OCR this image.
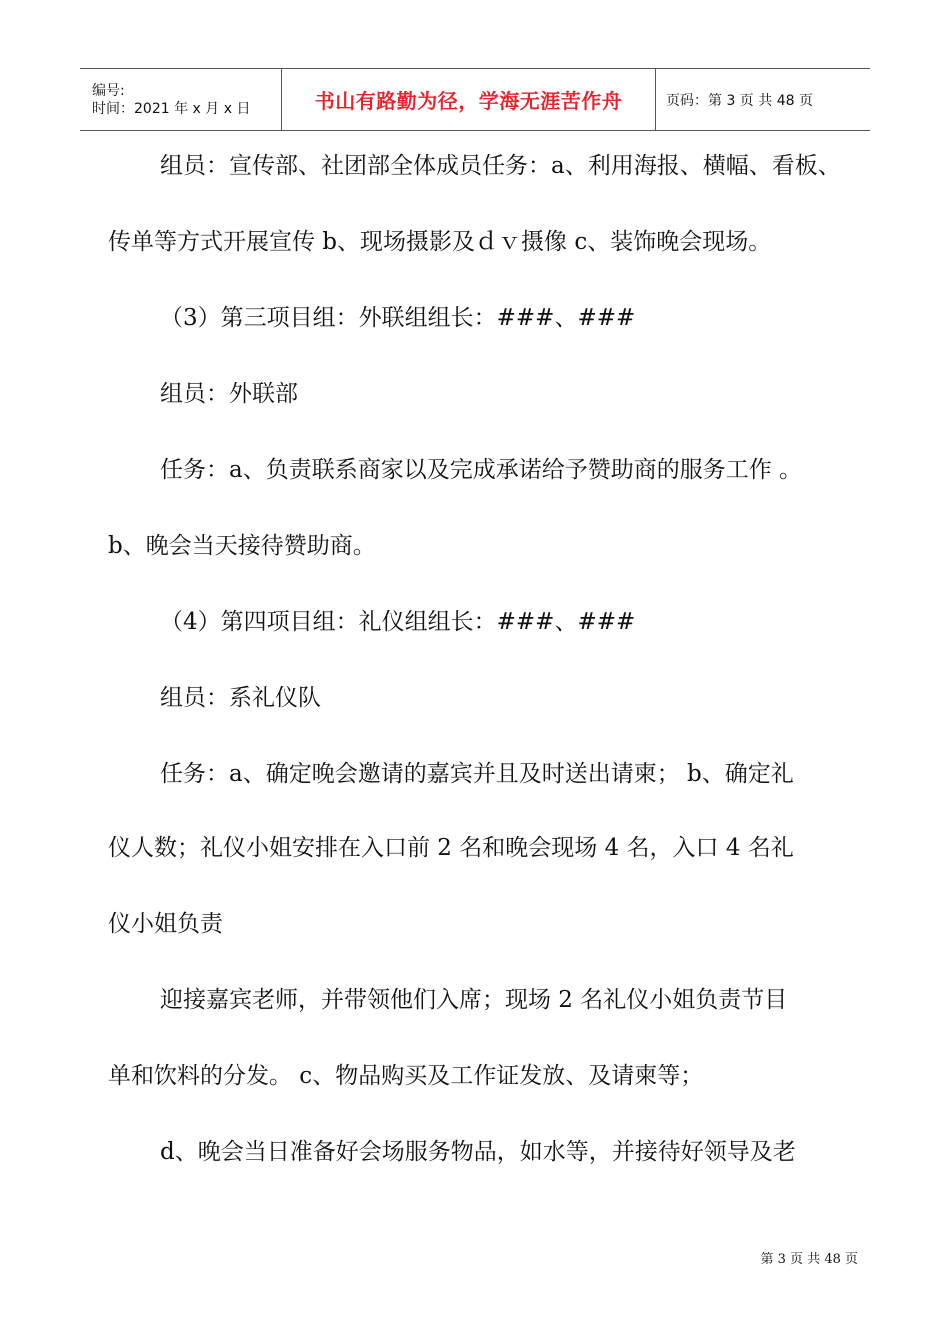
编号:
时间：2021 年 x 月 x 日	书山有路勤为径，学海无涯苦作舟	页码：第 3 页 共 48 页
组员：宣传部、社团部全体成员任务：a、利用海报、横幅、看板、
传单等方式开展宣传 b、现场摄影及ｄｖ摄像 c、装饰晚会现场。
（3）第三项目组：外联组组长：###、###
组员：外联部
任务：a、负责联系商家以及完成承诺给予赞助商的服务工作 。
b、晚会当天接待赞助商。
（4）第四项目组：礼仪组组长：###、###
组员：系礼仪队
任务：a、确定晚会邀请的嘉宾并且及时送出请柬； b、确定礼
仪人数；礼仪小姐安排在入口前 2 名和晚会现场 4 名，入口 4 名礼
仪小姐负责
迎接嘉宾老师，并带领他们入席；现场 2 名礼仪小姐负责节目
单和饮料的分发。 c、物品购买及工作证发放、及请柬等；
d、晚会当日准备好会场服务物品，如水等，并接待好领导及老
第 3 页 共 48 页
